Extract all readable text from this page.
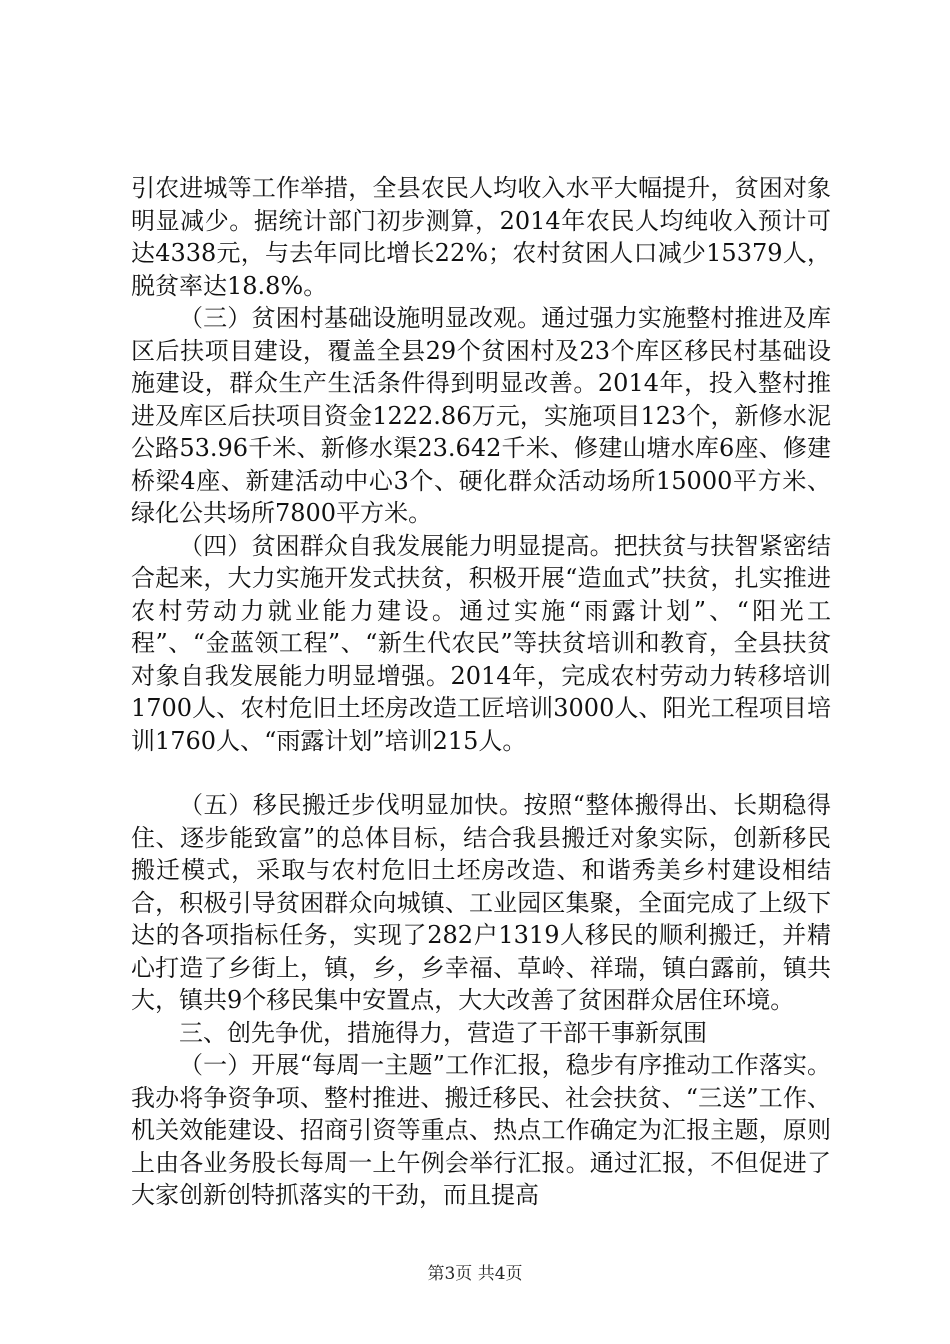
引农进城等工作举措，全县农民人均收入水平大幅提升，贫困对象明显减少。据统计部门初步测算，2014年农民人均纯收入预计可达4338元，与去年同比增长22%；农村贫困人口减少15379人，脱贫率达18.8%。

（三）贫困村基础设施明显改观。通过强力实施整村推进及库区后扶项目建设，覆盖全县29个贫困村及23个库区移民村基础设施建设，群众生产生活条件得到明显改善。2014年，投入整村推进及库区后扶项目资金1222.86万元，实施项目123个，新修水泥公路53.96千米、新修水渠23.642千米、修建山塘水库6座、修建桥梁4座、新建活动中心3个、硬化群众活动场所15000平方米、绿化公共场所7800平方米。

（四）贫困群众自我发展能力明显提高。把扶贫与扶智紧密结合起来，大力实施开发式扶贫，积极开展“造血式”扶贫，扎实推进农村劳动力就业能力建设。通过实施“雨露计划”、“阳光工程”、“金蓝领工程”、“新生代农民”等扶贫培训和教育，全县扶贫对象自我发展能力明显增强。2014年，完成农村劳动力转移培训1700人、农村危旧土坯房改造工匠培训3000人、阳光工程项目培训1760人、“雨露计划”培训215人。

（五）移民搬迁步伐明显加快。按照“整体搬得出、长期稳得住、逐步能致富”的总体目标，结合我县搬迁对象实际，创新移民搬迁模式，采取与农村危旧土坯房改造、和谐秀美乡村建设相结合，积极引导贫困群众向城镇、工业园区集聚，全面完成了上级下达的各项指标任务，实现了282户1319人移民的顺利搬迁，并精心打造了乡街上，镇，乡，乡幸福、草岭、祥瑞，镇白露前，镇共大，镇共9个移民集中安置点，大大改善了贫困群众居住环境。

三、创先争优，措施得力，营造了干部干事新氛围

（一）开展“每周一主题”工作汇报，稳步有序推动工作落实。我办将争资争项、整村推进、搬迁移民、社会扶贫、“三送”工作、机关效能建设、招商引资等重点、热点工作确定为汇报主题，原则上由各业务股长每周一上午例会举行汇报。通过汇报，不但促进了大家创新创特抓落实的干劲，而且提高

第3页 共4页
